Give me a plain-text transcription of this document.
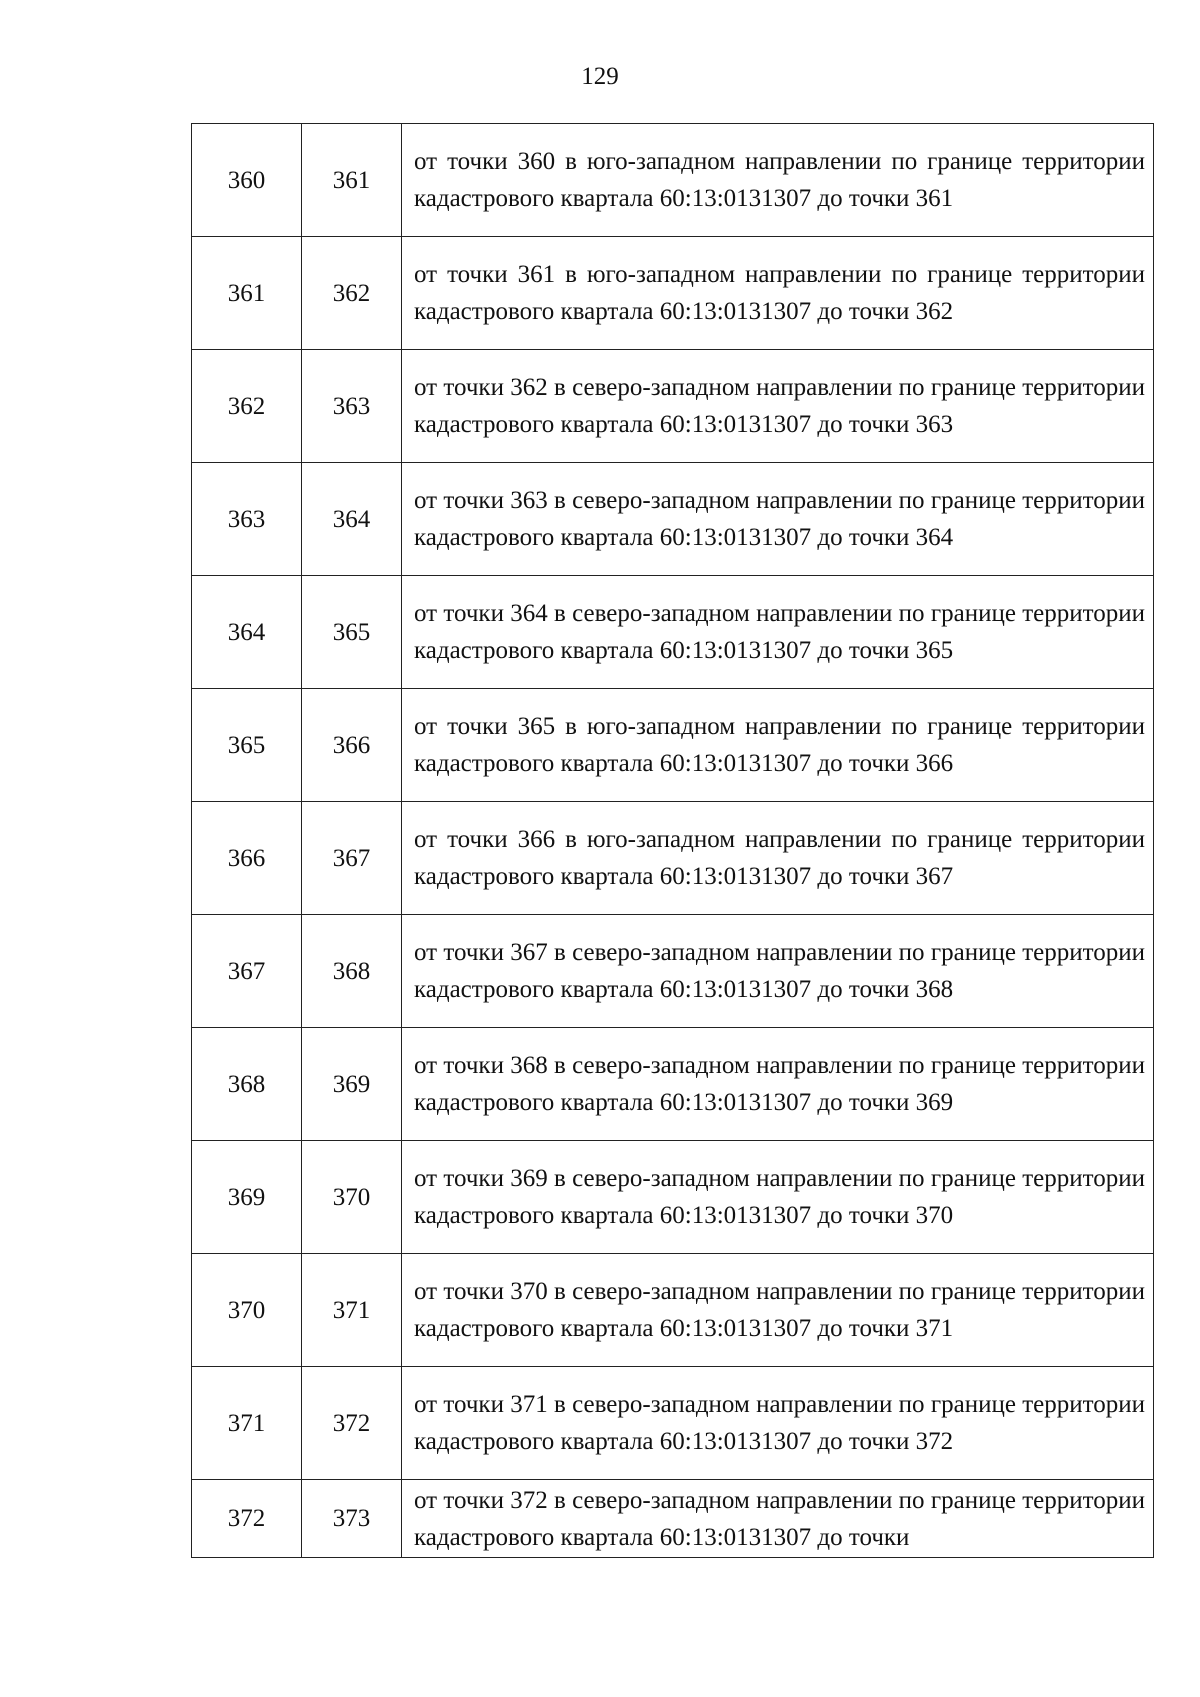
129
360	361	от точки 360 в юго-западном направлении по границе территории кадастрового квартала 60:13:0131307 до точки 361
361	362	от точки 361 в юго-западном направлении по границе территории кадастрового квартала 60:13:0131307 до точки 362
362	363	от точки 362 в северо-западном направлении по границе территории кадастрового квартала 60:13:0131307 до точки 363
363	364	от точки 363 в северо-западном направлении по границе территории кадастрового квартала 60:13:0131307 до точки 364
364	365	от точки 364 в северо-западном направлении по границе территории кадастрового квартала 60:13:0131307 до точки 365
365	366	от точки 365 в юго-западном направлении по границе территории кадастрового квартала 60:13:0131307 до точки 366
366	367	от точки 366 в юго-западном направлении по границе территории кадастрового квартала 60:13:0131307 до точки 367
367	368	от точки 367 в северо-западном направлении по границе территории кадастрового квартала 60:13:0131307 до точки 368
368	369	от точки 368 в северо-западном направлении по границе территории кадастрового квартала 60:13:0131307 до точки 369
369	370	от точки 369 в северо-западном направлении по границе территории кадастрового квартала 60:13:0131307 до точки 370
370	371	от точки 370 в северо-западном направлении по границе территории кадастрового квартала 60:13:0131307 до точки 371
371	372	от точки 371 в северо-западном направлении по границе территории кадастрового квартала 60:13:0131307 до точки 372
372	373	от точки 372 в северо-западном направлении по границе территории кадастрового квартала 60:13:0131307 до точки
